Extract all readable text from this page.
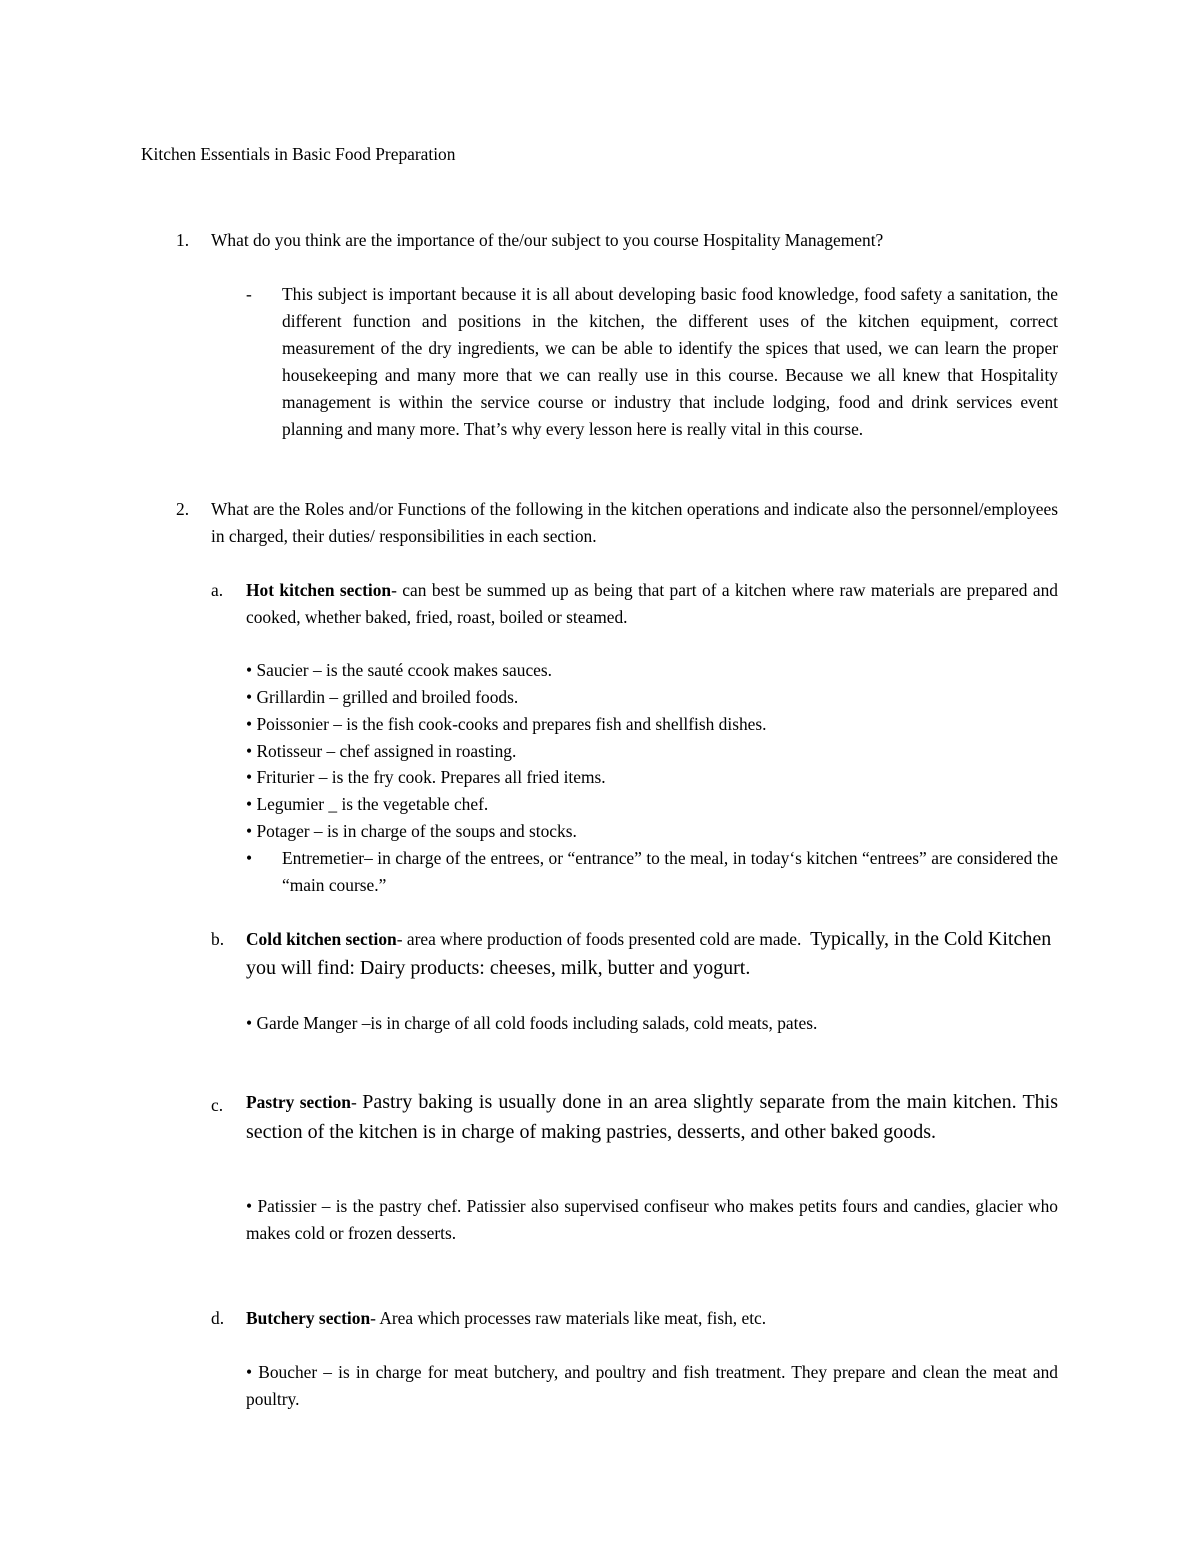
Kitchen Essentials in Basic Food Preparation
1. What do you think are the importance of the/our subject to you course Hospitality Management?
- This subject is important because it is all about developing basic food knowledge, food safety a sanitation, the different function and positions in the kitchen, the different uses of the kitchen equipment, correct measurement of the dry ingredients, we can be able to identify the spices that used, we can learn the proper housekeeping and many more that we can really use in this course. Because we all knew that Hospitality management is within the service course or industry that include lodging, food and drink services event planning and many more. That’s why every lesson here is really vital in this course.
2. What are the Roles and/or Functions of the following in the kitchen operations and indicate also the personnel/employees in charged, their duties/ responsibilities in each section.
a. Hot kitchen section- can best be summed up as being that part of a kitchen where raw materials are prepared and cooked, whether baked, fried, roast, boiled or steamed.
• Saucier – is the sauté ccook makes sauces.
• Grillardin – grilled and broiled foods.
• Poissonier – is the fish cook-cooks and prepares fish and shellfish dishes.
• Rotisseur – chef assigned in roasting.
• Friturier – is the fry cook. Prepares all fried items.
• Legumier _ is the vegetable chef.
• Potager – is in charge of the soups and stocks.
• Entremetier– in charge of the entrees, or “entrance” to the meal, in today‘s kitchen “entrees” are considered the “main course.”
b. Cold kitchen section- area where production of foods presented cold are made. Typically, in the Cold Kitchen you will find: Dairy products: cheeses, milk, butter and yogurt.
• Garde Manger –is in charge of all cold foods including salads, cold meats, pates.
c. Pastry section- Pastry baking is usually done in an area slightly separate from the main kitchen. This section of the kitchen is in charge of making pastries, desserts, and other baked goods.
• Patissier – is the pastry chef. Patissier also supervised confiseur who makes petits fours and candies, glacier who makes cold or frozen desserts.
d. Butchery section- Area which processes raw materials like meat, fish, etc.
• Boucher – is in charge for meat butchery, and poultry and fish treatment. They prepare and clean the meat and poultry.
